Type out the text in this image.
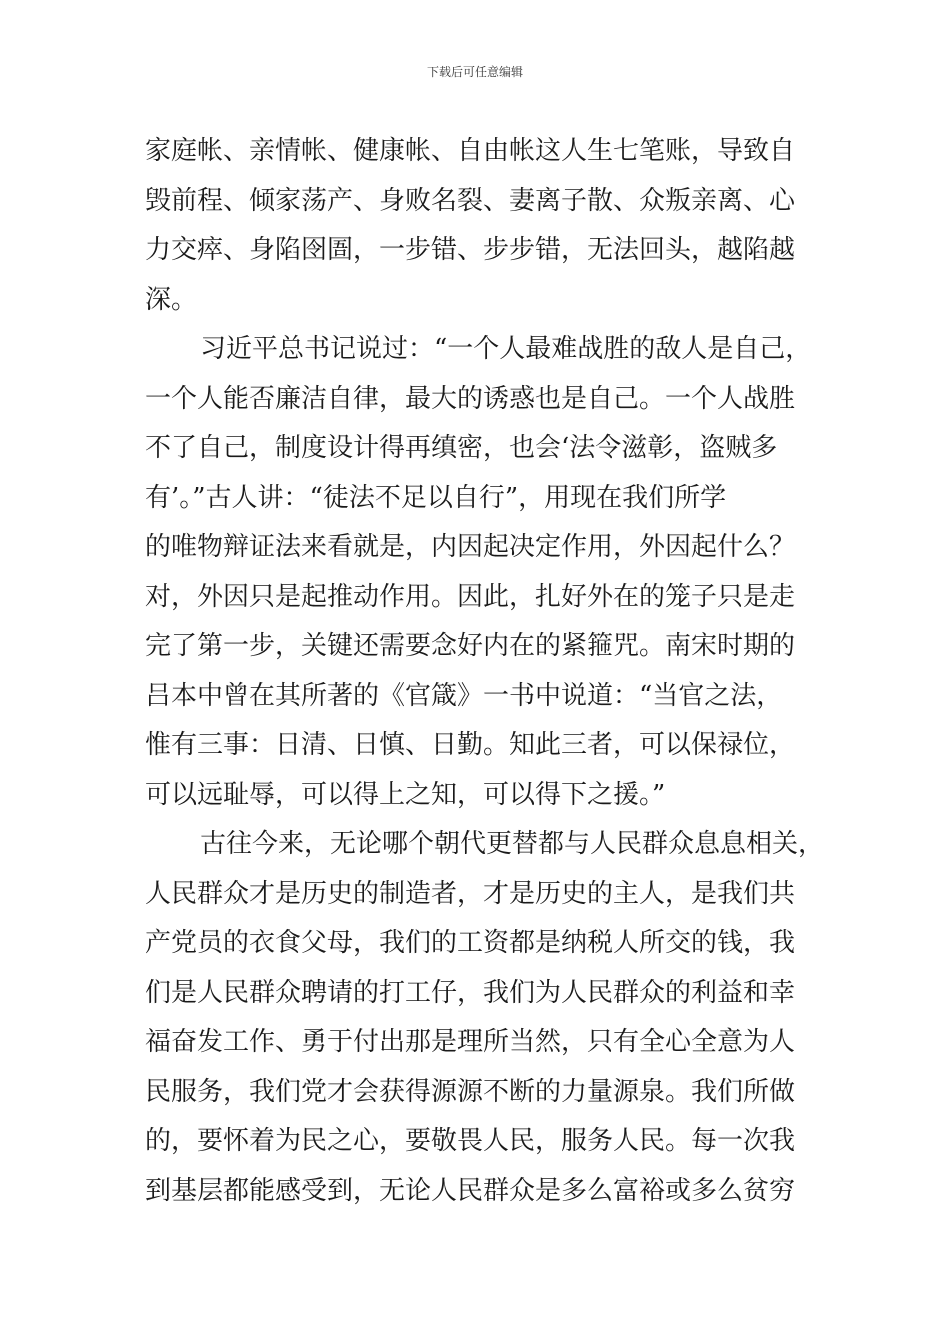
下载后可任意编辑
家庭帐、亲情帐、健康帐、自由帐这人生七笔账，导致自
毁前程、倾家荡产、身败名裂、妻离子散、众叛亲离、心
力交瘁、身陷囹圄，一步错、步步错，无法回头，越陷越
深。
习近平总书记说过：“一个人最难战胜的敌人是自己，
一个人能否廉洁自律，最大的诱惑也是自己。一个人战胜
不了自己，制度设计得再缜密，也会‘法令滋彰，盗贼多
有’。”古人讲：“徒法不足以自行”，用现在我们所学
的唯物辩证法来看就是，内因起决定作用，外因起什么？
对，外因只是起推动作用。因此，扎好外在的笼子只是走
完了第一步，关键还需要念好内在的紧箍咒。南宋时期的
吕本中曾在其所著的《官箴》一书中说道：“当官之法，
惟有三事：日清、日慎、日勤。知此三者，可以保禄位，
可以远耻辱，可以得上之知，可以得下之援。”
古往今来，无论哪个朝代更替都与人民群众息息相关，
人民群众才是历史的制造者，才是历史的主人，是我们共
产党员的衣食父母，我们的工资都是纳税人所交的钱，我
们是人民群众聘请的打工仔，我们为人民群众的利益和幸
福奋发工作、勇于付出那是理所当然，只有全心全意为人
民服务，我们党才会获得源源不断的力量源泉。我们所做
的，要怀着为民之心，要敬畏人民，服务人民。每一次我
到基层都能感受到，无论人民群众是多么富裕或多么贫穷
